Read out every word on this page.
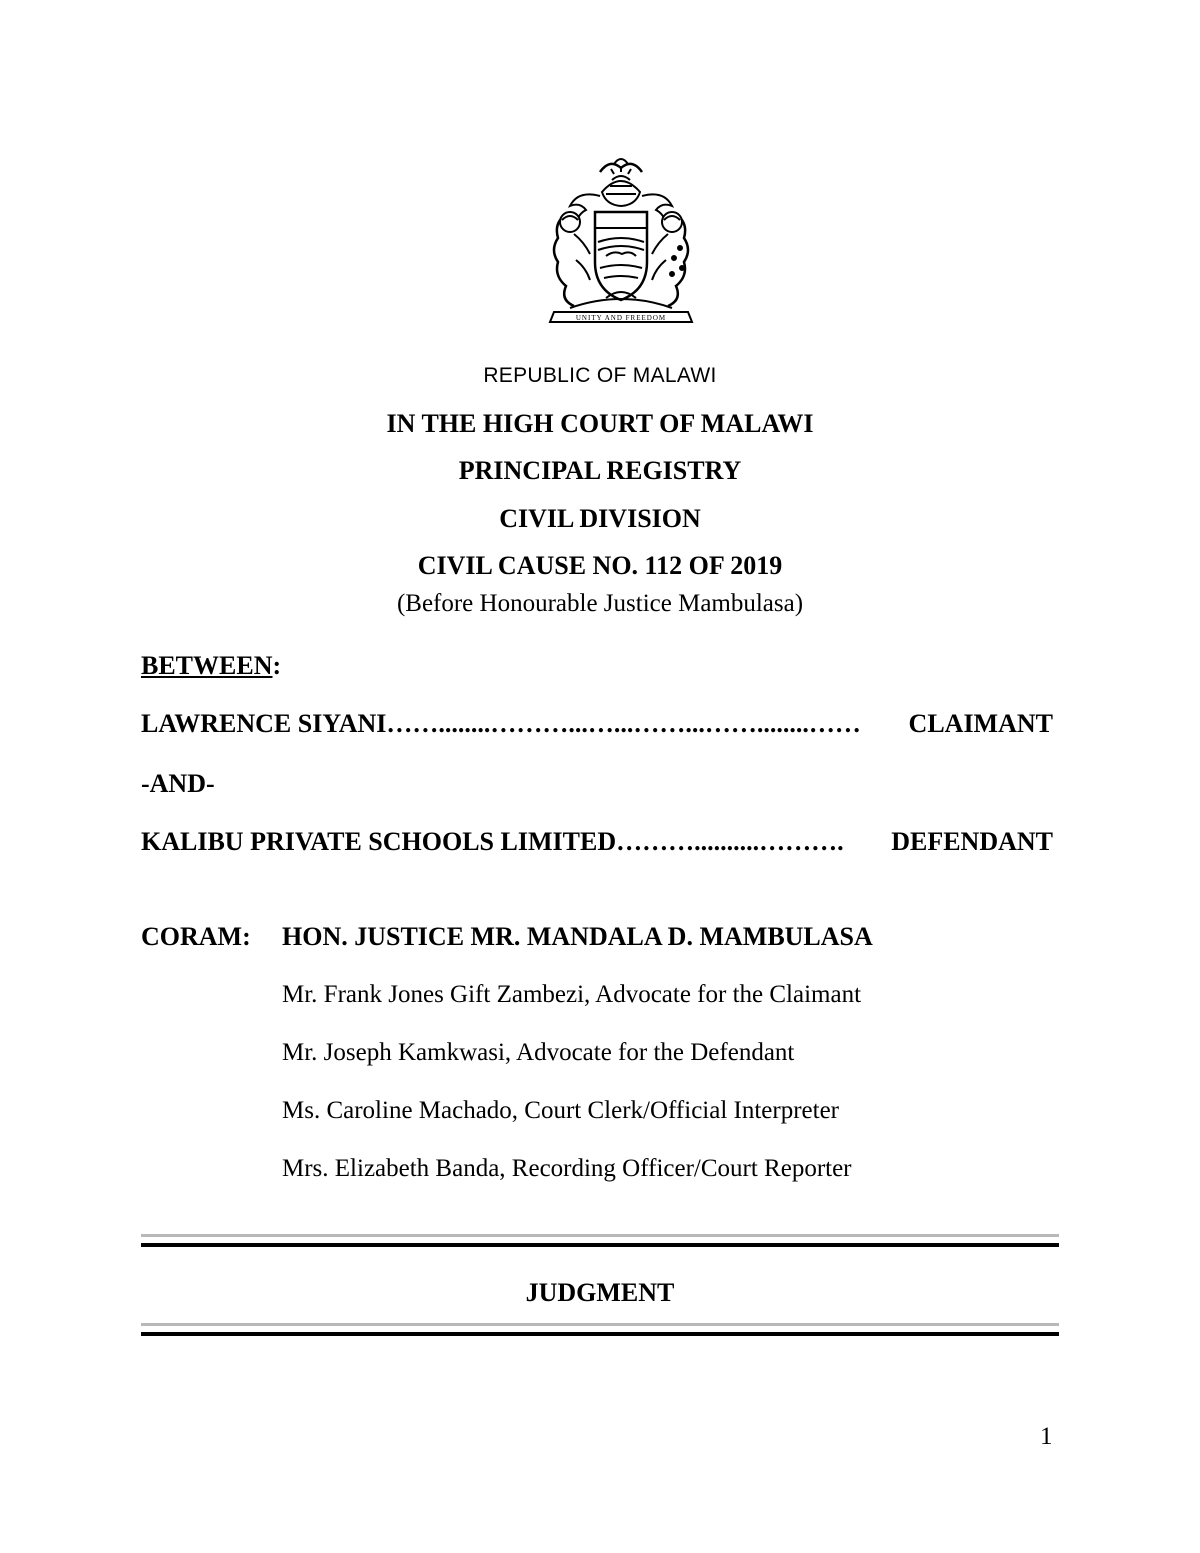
UNITY AND FREEDOM
REPUBLIC OF MALAWI
IN THE HIGH COURT OF MALAWI
PRINCIPAL REGISTRY
CIVIL DIVISION
CIVIL CAUSE NO. 112 OF 2019
(Before Honourable Justice Mambulasa)
BETWEEN:
LAWRENCE SIYANI ……........………...…...……...……........……	CLAIMANT
-AND-
KALIBU PRIVATE SCHOOLS LIMITED ………..........……….	DEFENDANT
CORAM: HON. JUSTICE MR. MANDALA D. MAMBULASA
Mr. Frank Jones Gift Zambezi, Advocate for the Claimant
Mr. Joseph Kamkwasi, Advocate for the Defendant
Ms. Caroline Machado, Court Clerk/Official Interpreter
Mrs. Elizabeth Banda, Recording Officer/Court Reporter
JUDGMENT
1
